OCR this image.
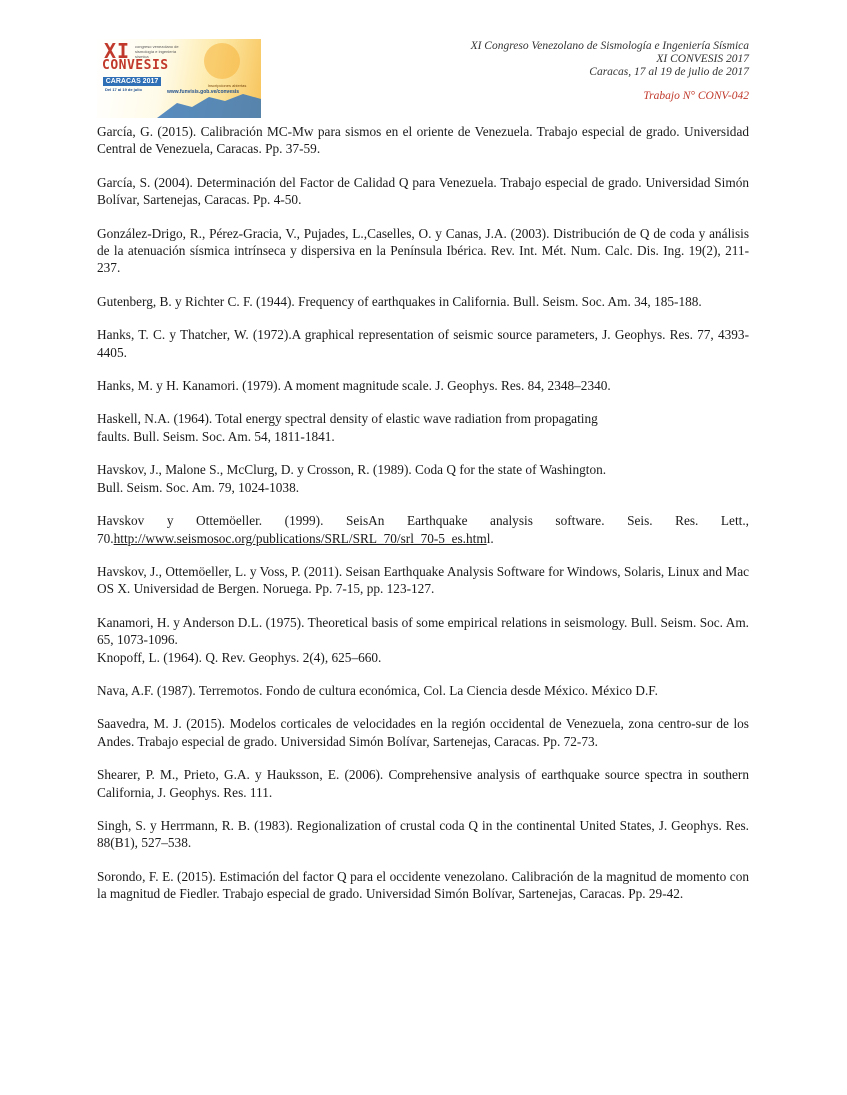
XI congreso venezolano de sismología e ingeniería sísmica
CONVESIS
CARACAS 2017
Del 17 al 19 de julio
Inscripciones abiertas
www.funvisis.gob.ve/convesis
XI Congreso Venezolano de Sismología e Ingeniería Sísmica
XI CONVESIS 2017
Caracas, 17 al 19 de julio de 2017
Trabajo N° CONV-042

García, G. (2015). Calibración MC-Mw para sismos en el oriente de Venezuela. Trabajo especial de grado. Universidad Central de Venezuela, Caracas. Pp. 37-59.

García, S. (2004). Determinación del Factor de Calidad Q para Venezuela. Trabajo especial de grado. Universidad Simón Bolívar, Sartenejas, Caracas. Pp. 4-50.

González-Drigo, R., Pérez-Gracia, V., Pujades, L.,Caselles, O. y Canas, J.A. (2003). Distribución de Q de coda y análisis de la atenuación sísmica intrínseca y dispersiva en la Península Ibérica. Rev. Int. Mét. Num. Calc. Dis. Ing. 19(2), 211-237.

Gutenberg, B. y Richter C. F. (1944). Frequency of earthquakes in California. Bull. Seism. Soc. Am. 34, 185-188.

Hanks, T. C. y Thatcher, W. (1972).A graphical representation of seismic source parameters, J. Geophys. Res. 77, 4393-4405.

Hanks, M. y H. Kanamori. (1979). A moment magnitude scale. J. Geophys. Res. 84, 2348–2340.

Haskell, N.A. (1964). Total energy spectral density of elastic wave radiation from propagating
faults. Bull. Seism. Soc. Am. 54, 1811-1841.

Havskov, J., Malone S., McClurg, D. y Crosson, R. (1989). Coda Q for the state of Washington.
Bull. Seism. Soc. Am. 79, 1024-1038.

Havskov y Ottemöeller. (1999). SeisAn Earthquake analysis software. Seis. Res. Lett., 70.http://www.seismosoc.org/publications/SRL/SRL_70/srl_70-5_es.html.

Havskov, J., Ottemöeller, L. y Voss, P. (2011). Seisan Earthquake Analysis Software for Windows, Solaris, Linux and Mac OS X. Universidad de Bergen. Noruega. Pp. 7-15, pp. 123-127.

Kanamori, H. y Anderson D.L. (1975). Theoretical basis of some empirical relations in seismology. Bull. Seism. Soc. Am. 65, 1073-1096.

Knopoff, L. (1964). Q. Rev. Geophys. 2(4), 625–660.

Nava, A.F. (1987). Terremotos. Fondo de cultura económica, Col. La Ciencia desde México. México D.F.

Saavedra, M. J. (2015). Modelos corticales de velocidades en la región occidental de Venezuela, zona centro-sur de los Andes. Trabajo especial de grado. Universidad Simón Bolívar, Sartenejas, Caracas. Pp. 72-73.

Shearer, P. M., Prieto, G.A. y Hauksson, E. (2006). Comprehensive analysis of earthquake source spectra in southern California, J. Geophys. Res. 111.

Singh, S. y Herrmann, R. B. (1983). Regionalization of crustal coda Q in the continental United States, J. Geophys. Res. 88(B1), 527–538.

Sorondo, F. E. (2015). Estimación del factor Q para el occidente venezolano. Calibración de la magnitud de momento con la magnitud de Fiedler. Trabajo especial de grado. Universidad Simón Bolívar, Sartenejas, Caracas. Pp. 29-42.
